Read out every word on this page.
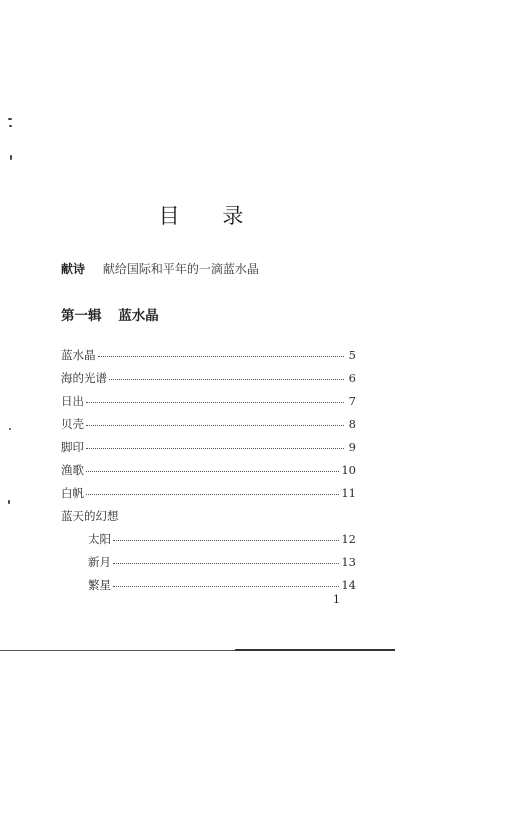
目 录
献诗 献给国际和平年的一滴蓝水晶
第一辑 蓝水晶
蓝水晶	5
海的光谱	6
日出	7
贝壳	8
脚印	9
渔歌	10
白帆	11
蓝天的幻想
太阳	12
新月	13
繁星	14
1
